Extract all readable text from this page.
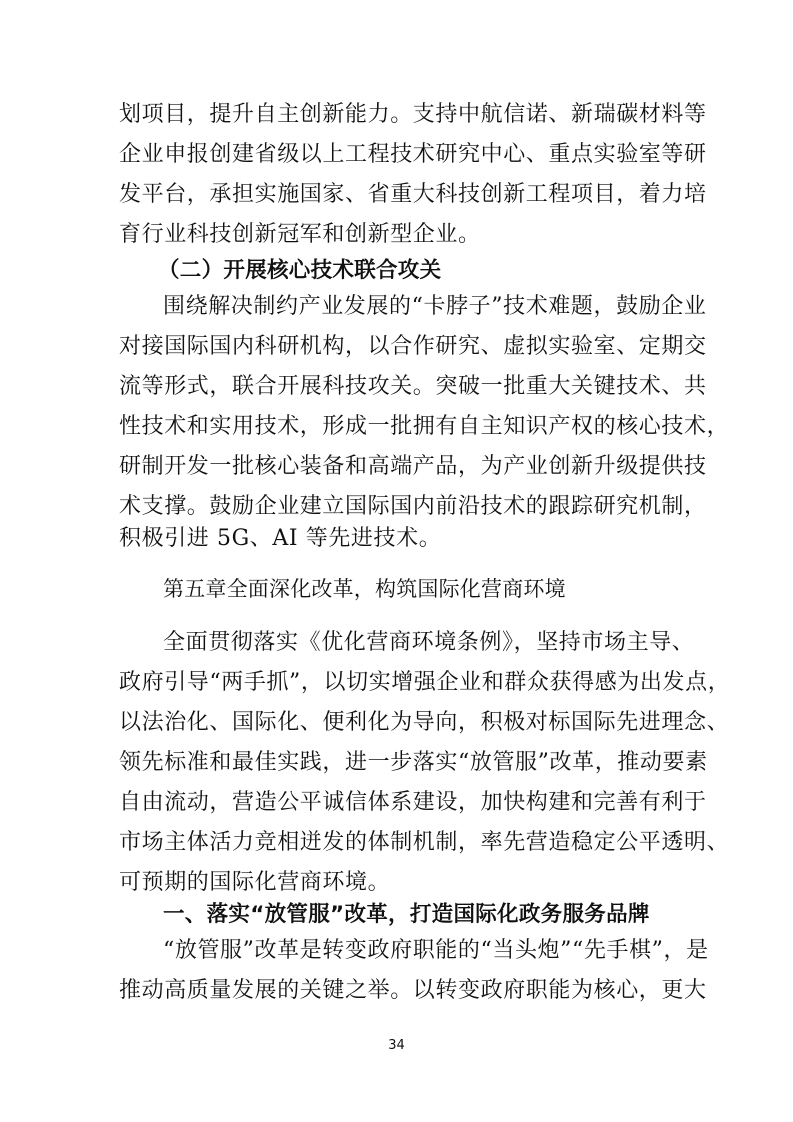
划项目，提升自主创新能力。支持中航信诺、新瑞碳材料等
企业申报创建省级以上工程技术研究中心、重点实验室等研
发平台，承担实施国家、省重大科技创新工程项目，着力培
育行业科技创新冠军和创新型企业。
（二）开展核心技术联合攻关
围绕解决制约产业发展的“卡脖子”技术难题，鼓励企业
对接国际国内科研机构，以合作研究、虚拟实验室、定期交
流等形式，联合开展科技攻关。突破一批重大关键技术、共
性技术和实用技术，形成一批拥有自主知识产权的核心技术，
研制开发一批核心装备和高端产品，为产业创新升级提供技
术支撑。鼓励企业建立国际国内前沿技术的跟踪研究机制，
积极引进 5G、AI 等先进技术。
第五章全面深化改革，构筑国际化营商环境
全面贯彻落实《优化营商环境条例》，坚持市场主导、
政府引导“两手抓”，以切实增强企业和群众获得感为出发点，
以法治化、国际化、便利化为导向，积极对标国际先进理念、
领先标准和最佳实践，进一步落实“放管服”改革，推动要素
自由流动，营造公平诚信体系建设，加快构建和完善有利于
市场主体活力竞相迸发的体制机制，率先营造稳定公平透明、
可预期的国际化营商环境。
一、落实“放管服”改革，打造国际化政务服务品牌
“放管服”改革是转变政府职能的“当头炮”“先手棋”，是
推动高质量发展的关键之举。以转变政府职能为核心，更大
34
